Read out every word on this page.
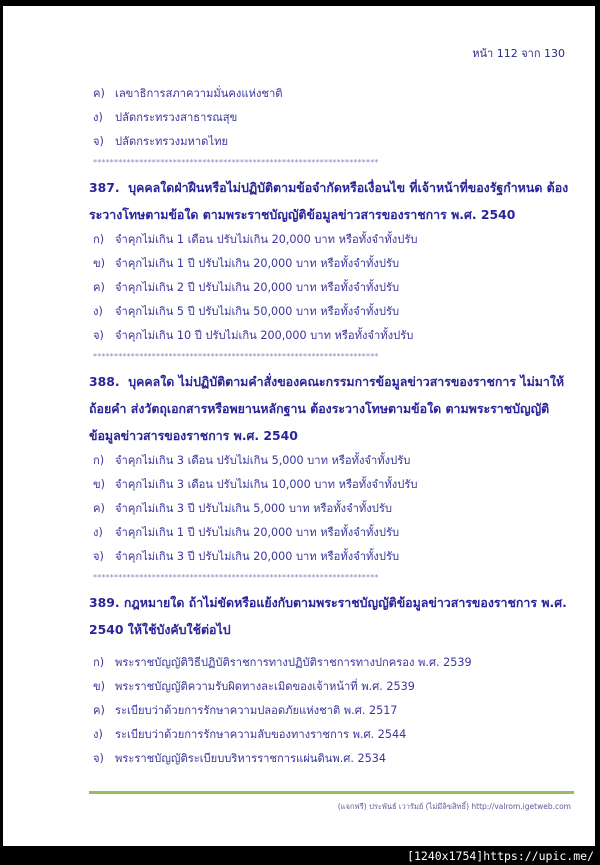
หน้า 112 จาก 130
ค) เลขาธิการสภาความมั่นคงแห่งชาติ
ง) ปลัดกระทรวงสาธารณสุข
จ) ปลัดกระทรวงมหาดไทย
********************************************************************
387. บุคคลใดฝ่าฝืนหรือไม่ปฏิบัติตามข้อจำกัดหรือเงื่อนไข ที่เจ้าหน้าที่ของรัฐกำหนด ต้องระวางโทษตามข้อใด ตามพระราชบัญญัติข้อมูลข่าวสารของราชการ พ.ศ. 2540
ก) จำคุกไม่เกิน 1 เดือน ปรับไม่เกิน 20,000 บาท หรือทั้งจำทั้งปรับ
ข) จำคุกไม่เกิน 1 ปี ปรับไม่เกิน 20,000 บาท หรือทั้งจำทั้งปรับ
ค) จำคุกไม่เกิน 2 ปี ปรับไม่เกิน 20,000 บาท หรือทั้งจำทั้งปรับ
ง) จำคุกไม่เกิน 5 ปี ปรับไม่เกิน 50,000 บาท หรือทั้งจำทั้งปรับ
จ) จำคุกไม่เกิน 10 ปี ปรับไม่เกิน 200,000 บาท หรือทั้งจำทั้งปรับ
********************************************************************
388. บุคคลใด ไม่ปฏิบัติตามคำสั่งของคณะกรรมการข้อมูลข่าวสารของราชการ ไม่มาให้ถ้อยคำ ส่งวัตถุเอกสารหรือพยานหลักฐาน ต้องระวางโทษตามข้อใด ตามพระราชบัญญัติข้อมูลข่าวสารของราชการ พ.ศ. 2540
ก) จำคุกไม่เกิน 3 เดือน ปรับไม่เกิน 5,000 บาท หรือทั้งจำทั้งปรับ
ข) จำคุกไม่เกิน 3 เดือน ปรับไม่เกิน 10,000 บาท หรือทั้งจำทั้งปรับ
ค) จำคุกไม่เกิน 3 ปี ปรับไม่เกิน 5,000 บาท หรือทั้งจำทั้งปรับ
ง) จำคุกไม่เกิน 1 ปี ปรับไม่เกิน 20,000 บาท หรือทั้งจำทั้งปรับ
จ) จำคุกไม่เกิน 3 ปี ปรับไม่เกิน 20,000 บาท หรือทั้งจำทั้งปรับ
********************************************************************
389. กฎหมายใด ถ้าไม่ขัดหรือแย้งกับตามพระราชบัญญัติข้อมูลข่าวสารของราชการ พ.ศ. 2540 ให้ใช้บังคับใช้ต่อไป
ก) พระราชบัญญัติวิธีปฏิบัติราชการทางปฏิบัติราชการทางปกครอง พ.ศ. 2539
ข) พระราชบัญญัติความรับผิดทางละเมิดของเจ้าหน้าที่ พ.ศ. 2539
ค) ระเบียบว่าด้วยการรักษาความปลอดภัยแห่งชาติ พ.ศ. 2517
ง) ระเบียบว่าด้วยการรักษาความลับของทางราชการ พ.ศ. 2544
จ) พระราชบัญญัติระเบียบบริหารราชการแผ่นดินพ.ศ. 2534
(แจกฟรี) ประพันธ์ เวารัมย์ (ไม่มีลิขสิทธิ์) http://valrom.igetweb.com
[1240x1754]https://upic.me/
